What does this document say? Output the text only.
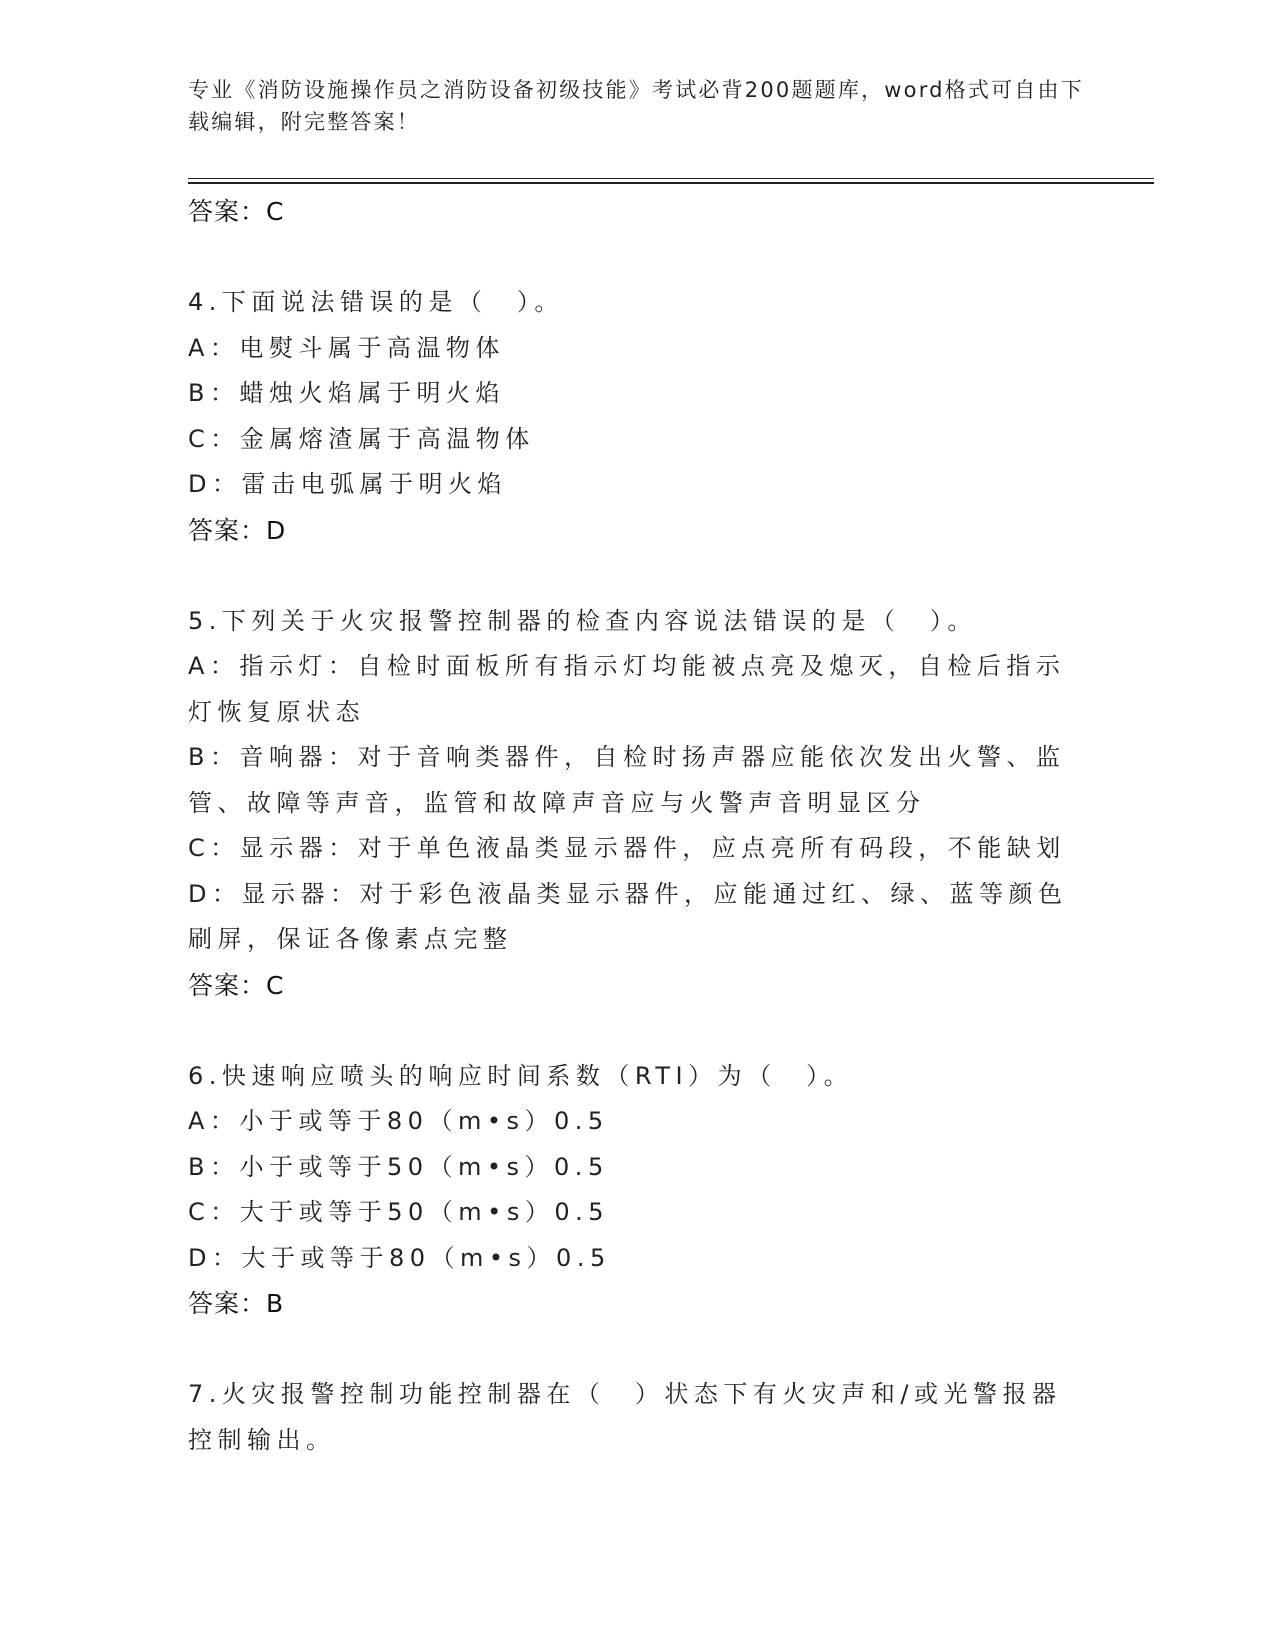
专业《消防设施操作员之消防设备初级技能》考试必背200题题库，word格式可自由下载编辑，附完整答案！
答案：C
4.下面说法错误的是（　）。
A：电熨斗属于高温物体
B：蜡烛火焰属于明火焰
C：金属熔渣属于高温物体
D：雷击电弧属于明火焰
答案：D
5.下列关于火灾报警控制器的检查内容说法错误的是（　）。
A：指示灯：自检时面板所有指示灯均能被点亮及熄灭，自检后指示灯恢复原状态
B：音响器：对于音响类器件，自检时扬声器应能依次发出火警、监管、故障等声音，监管和故障声音应与火警声音明显区分
C：显示器：对于单色液晶类显示器件，应点亮所有码段，不能缺划
D：显示器：对于彩色液晶类显示器件，应能通过红、绿、蓝等颜色刷屏，保证各像素点完整
答案：C
6.快速响应喷头的响应时间系数（RTI）为（　）。
A：小于或等于80（m•s）0.5
B：小于或等于50（m•s）0.5
C：大于或等于50（m•s）0.5
D：大于或等于80（m•s）0.5
答案：B
7.火灾报警控制功能控制器在（　）状态下有火灾声和/或光警报器控制输出。
